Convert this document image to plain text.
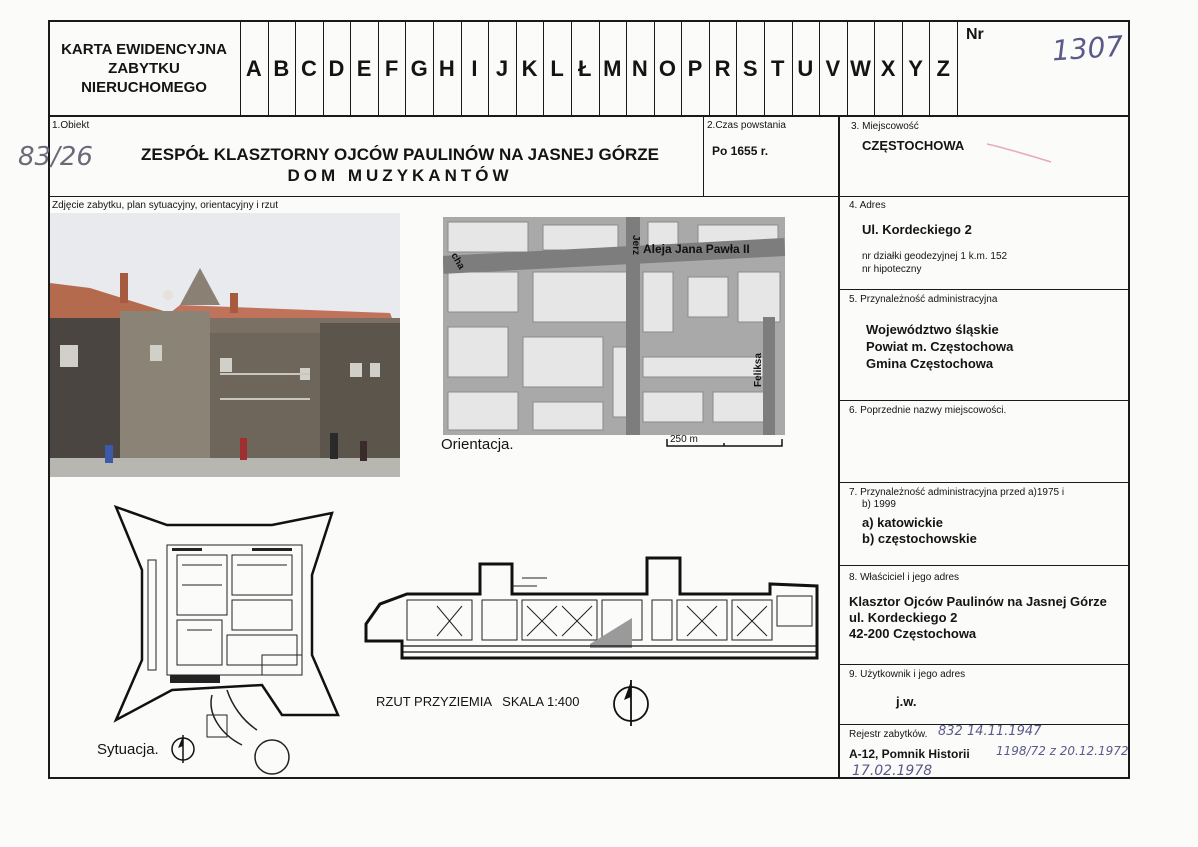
KARTA EWIDENCYJNA
ZABYTKU
NIERUCHOMEGO
A B C D E F G H I J K L Ł M N O P R S T U V W X Y Z
Nr 1307
1.Obiekt
83/26	ZESPÓŁ KLASZTORNY OJCÓW PAULINÓW NA JASNEJ GÓRZE
DOM MUZYKANTÓW
2.Czas powstania
Po 1655 r.
3. Miejscowość
CZĘSTOCHOWA
Zdjęcie zabytku, plan sytuacyjny, orientacyjny i rzut
Aleja Jana Pawła II
Jerz
Feliksa
cha
Orientacja.	250 m
Sytuacja.
RZUT PRZYZIEMIA   SKALA 1:400
4. Adres
Ul. Kordeckiego 2
nr działki geodezyjnej 1 k.m. 152
nr hipoteczny
5. Przynależność administracyjna
Województwo śląskie
Powiat m. Częstochowa
Gmina Częstochowa
6. Poprzednie nazwy miejscowości.
7. Przynależność administracyjna przed a)1975 i
b) 1999
a) katowickie
b) częstochowskie
8. Właściciel i jego adres
Klasztor Ojców Paulinów na Jasnej Górze
ul. Kordeckiego 2
42-200 Częstochowa
9. Użytkownik i jego adres
j.w.
Rejestr zabytków. 832 14.11.1947
A-12, Pomnik Historii 1198/72 z 20.12.1972
17.02.1978
